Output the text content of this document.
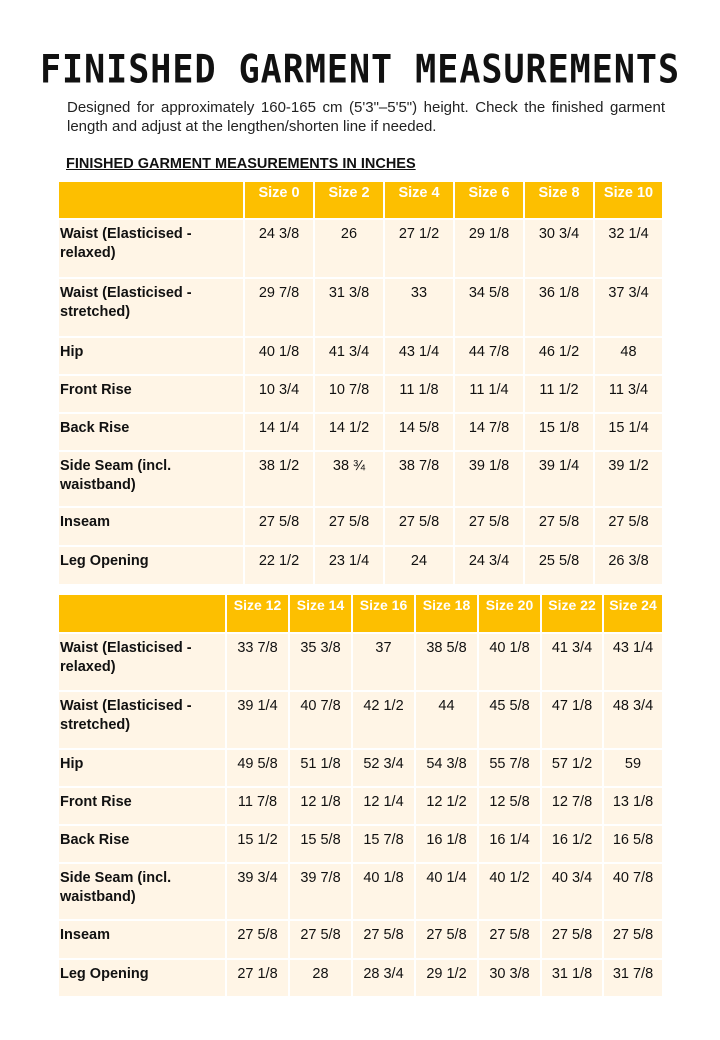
FINISHED GARMENT MEASUREMENTS
Designed for approximately 160-165 cm (5'3"–5'5") height. Check the finished garment length and adjust at the lengthen/shorten line if needed.
FINISHED GARMENT MEASUREMENTS IN INCHES
	Size 0	Size 2	Size 4	Size 6	Size 8	Size 10
Waist (Elasticised - relaxed)	24 3/8	26	27 1/2	29 1/8	30 3/4	32 1/4
Waist (Elasticised - stretched)	29 7/8	31 3/8	33	34 5/8	36 1/8	37 3/4
Hip	40 1/8	41 3/4	43 1/4	44 7/8	46 1/2	48
Front Rise	10 3/4	10 7/8	11 1/8	11 1/4	11 1/2	11 3/4
Back Rise	14 1/4	14 1/2	14 5/8	14 7/8	15 1/8	15 1/4
Side Seam (incl. waistband)	38 1/2	38 ¾	38 7/8	39 1/8	39 1/4	39 1/2
Inseam	27 5/8	27 5/8	27 5/8	27 5/8	27 5/8	27 5/8
Leg Opening	22 1/2	23 1/4	24	24 3/4	25 5/8	26 3/8
	Size 12	Size 14	Size 16	Size 18	Size 20	Size 22	Size 24
Waist (Elasticised - relaxed)	33 7/8	35 3/8	37	38 5/8	40 1/8	41 3/4	43 1/4
Waist (Elasticised - stretched)	39 1/4	40 7/8	42 1/2	44	45 5/8	47 1/8	48 3/4
Hip	49 5/8	51 1/8	52 3/4	54 3/8	55 7/8	57 1/2	59
Front Rise	11 7/8	12 1/8	12 1/4	12 1/2	12 5/8	12 7/8	13 1/8
Back Rise	15 1/2	15 5/8	15 7/8	16 1/8	16 1/4	16 1/2	16 5/8
Side Seam (incl. waistband)	39 3/4	39 7/8	40 1/8	40 1/4	40 1/2	40 3/4	40 7/8
Inseam	27 5/8	27 5/8	27 5/8	27 5/8	27 5/8	27 5/8	27 5/8
Leg Opening	27 1/8	28	28 3/4	29 1/2	30 3/8	31 1/8	31 7/8
